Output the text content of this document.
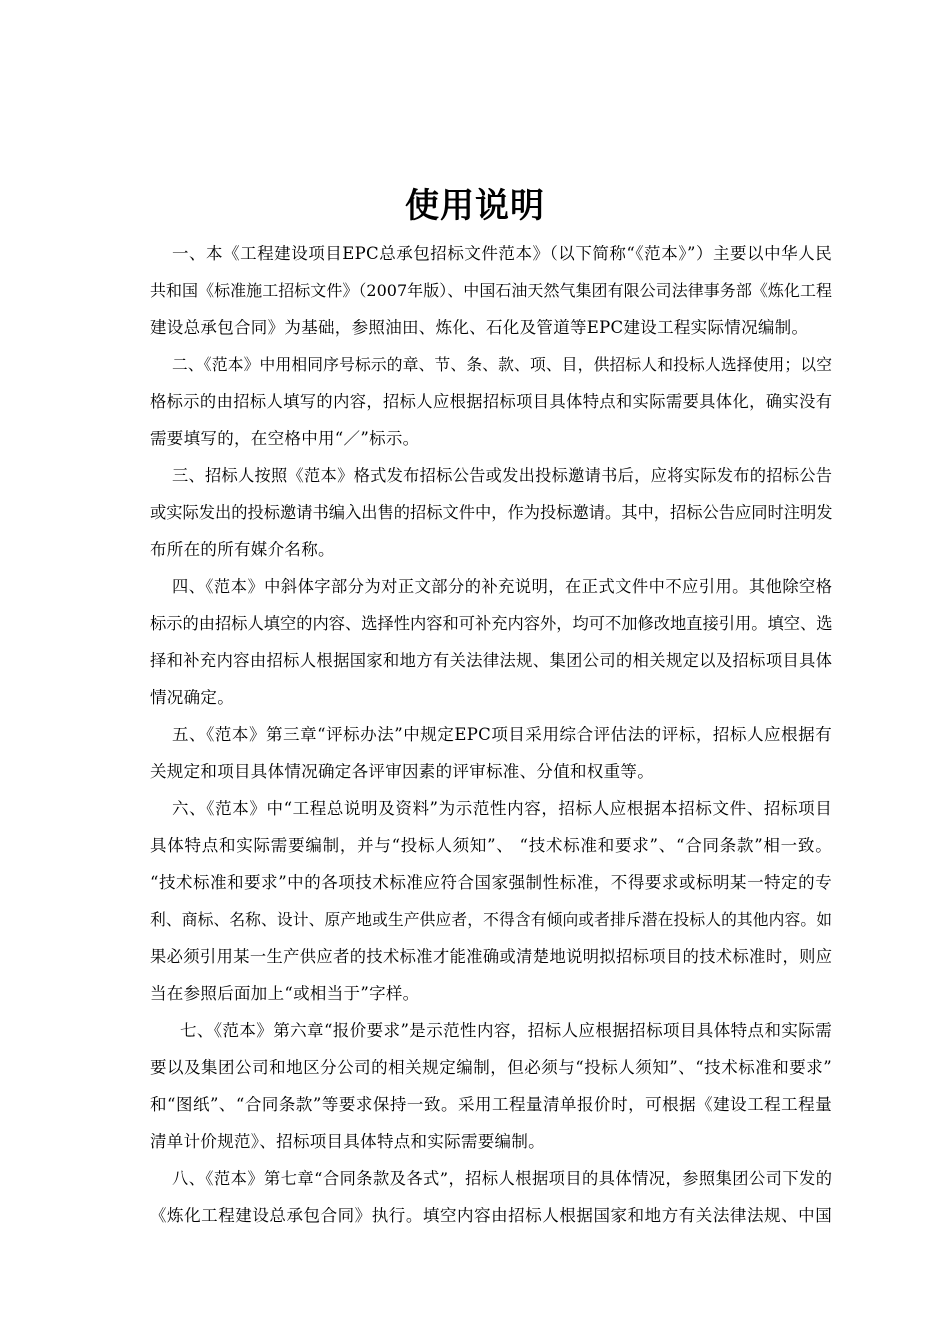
使用说明
一、本《工程建设项目EPC总承包招标文件范本》（以下简称“《范本》”）主要以中华人民
共和国《标准施工招标文件》（2007年版）、中国石油天然气集团有限公司法律事务部《炼化工程
建设总承包合同》为基础，参照油田、炼化、石化及管道等EPC建设工程实际情况编制。
二、《范本》中用相同序号标示的章、节、条、款、项、目，供招标人和投标人选择使用；以空
格标示的由招标人填写的内容，招标人应根据招标项目具体特点和实际需要具体化，确实没有
需要填写的，在空格中用“／”标示。
三、招标人按照《范本》格式发布招标公告或发出投标邀请书后，应将实际发布的招标公告
或实际发出的投标邀请书编入出售的招标文件中，作为投标邀请。其中，招标公告应同时注明发
布所在的所有媒介名称。
四、《范本》中斜体字部分为对正文部分的补充说明，在正式文件中不应引用。其他除空格
标示的由招标人填空的内容、选择性内容和可补充内容外，均可不加修改地直接引用。填空、选
择和补充内容由招标人根据国家和地方有关法律法规、集团公司的相关规定以及招标项目具体
情况确定。
五、《范本》第三章“评标办法”中规定EPC项目采用综合评估法的评标，招标人应根据有
关规定和项目具体情况确定各评审因素的评审标准、分值和权重等。
六、《范本》中“工程总说明及资料”为示范性内容，招标人应根据本招标文件、招标项目
具体特点和实际需要编制，并与“投标人须知”、 “技术标准和要求”、“合同条款”相一致。
“技术标准和要求”中的各项技术标准应符合国家强制性标准，不得要求或标明某一特定的专
利、商标、名称、设计、原产地或生产供应者，不得含有倾向或者排斥潜在投标人的其他内容。如
果必须引用某一生产供应者的技术标准才能准确或清楚地说明拟招标项目的技术标准时，则应
当在参照后面加上“或相当于”字样。
七、《范本》第六章“报价要求”是示范性内容，招标人应根据招标项目具体特点和实际需
要以及集团公司和地区分公司的相关规定编制，但必须与“投标人须知”、“技术标准和要求”
和“图纸”、“合同条款”等要求保持一致。采用工程量清单报价时，可根据《建设工程工程量
清单计价规范》、招标项目具体特点和实际需要编制。
八、《范本》第七章“合同条款及各式”，招标人根据项目的具体情况，参照集团公司下发的
《炼化工程建设总承包合同》执行。填空内容由招标人根据国家和地方有关法律法规、中国
